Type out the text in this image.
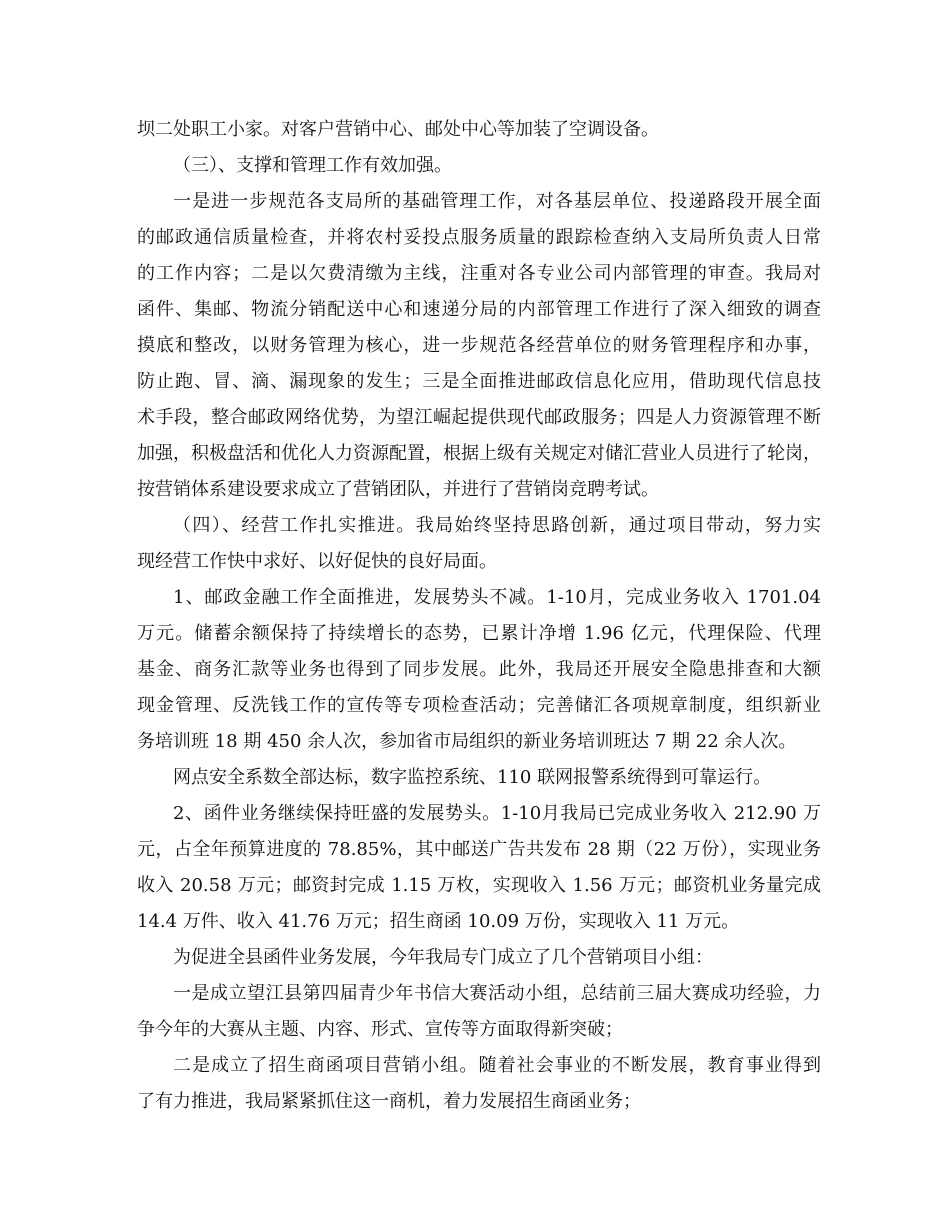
坝二处职工小家。对客户营销中心、邮处中心等加装了空调设备。
（三）、支撑和管理工作有效加强。
一是进一步规范各支局所的基础管理工作，对各基层单位、投递路段开展全面
的邮政通信质量检查，并将农村妥投点服务质量的跟踪检查纳入支局所负责人日常
的工作内容；二是以欠费清缴为主线，注重对各专业公司内部管理的审查。我局对
函件、集邮、物流分销配送中心和速递分局的内部管理工作进行了深入细致的调查
摸底和整改，以财务管理为核心，进一步规范各经营单位的财务管理程序和办事，
防止跑、冒、滴、漏现象的发生；三是全面推进邮政信息化应用，借助现代信息技
术手段，整合邮政网络优势，为望江崛起提供现代邮政服务；四是人力资源管理不断
加强，积极盘活和优化人力资源配置，根据上级有关规定对储汇营业人员进行了轮岗，
按营销体系建设要求成立了营销团队，并进行了营销岗竞聘考试。
（四）、经营工作扎实推进。我局始终坚持思路创新，通过项目带动，努力实
现经营工作快中求好、以好促快的良好局面。
1、邮政金融工作全面推进，发展势头不减。1-10月，完成业务收入 1701.04
万元。储蓄余额保持了持续增长的态势，已累计净增 1.96 亿元，代理保险、代理
基金、商务汇款等业务也得到了同步发展。此外，我局还开展安全隐患排查和大额
现金管理、反洗钱工作的宣传等专项检查活动；完善储汇各项规章制度，组织新业
务培训班 18 期 450 余人次，参加省市局组织的新业务培训班达 7 期 22 余人次。
网点安全系数全部达标，数字监控系统、110 联网报警系统得到可靠运行。
2、函件业务继续保持旺盛的发展势头。1-10月我局已完成业务收入 212.90 万
元，占全年预算进度的 78.85%，其中邮送广告共发布 28 期（22 万份），实现业务
收入 20.58 万元；邮资封完成 1.15 万枚，实现收入 1.56 万元；邮资机业务量完成
14.4 万件、收入 41.76 万元；招生商函 10.09 万份，实现收入 11 万元。
为促进全县函件业务发展，今年我局专门成立了几个营销项目小组：
一是成立望江县第四届青少年书信大赛活动小组，总结前三届大赛成功经验，力
争今年的大赛从主题、内容、形式、宣传等方面取得新突破；
二是成立了招生商函项目营销小组。随着社会事业的不断发展，教育事业得到
了有力推进，我局紧紧抓住这一商机，着力发展招生商函业务；
